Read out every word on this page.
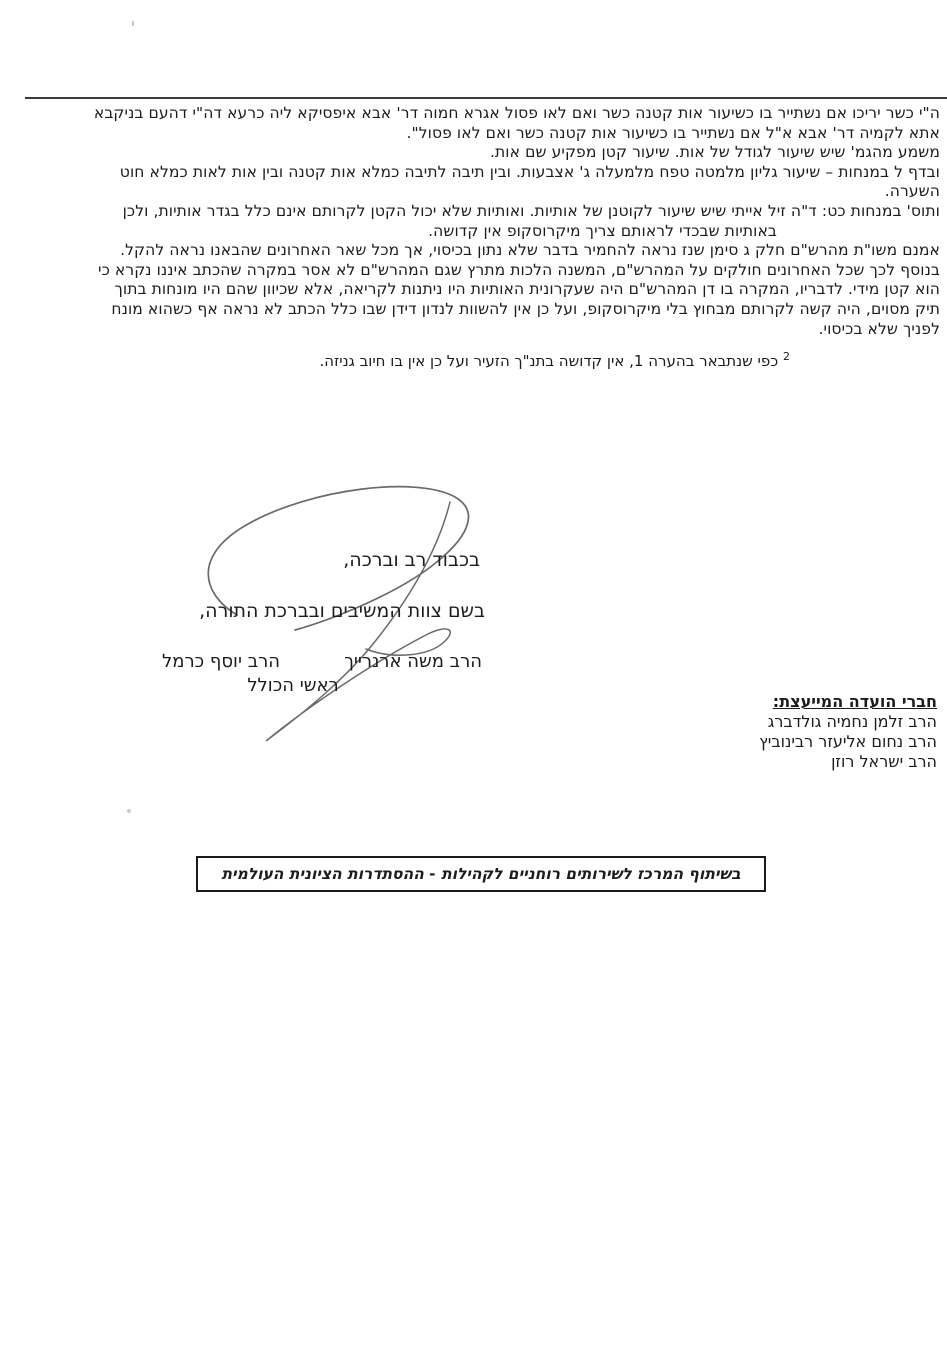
ה"י כשר יריכו אם נשתייר בו כשיעור אות קטנה כשר ואם לאו פסול אגרא חמוה דר' אבא איפסיקא ליה כרעא דה"י דהעם בניקבא
אתא לקמיה דר' אבא א"ל אם נשתייר בו כשיעור אות קטנה כשר ואם לאו פסול".
משמע מהגמ' שיש שיעור לגודל של אות. שיעור קטן מפקיע שם אות.
ובדף ל במנחות – שיעור גליון מלמטה טפח מלמעלה ג' אצבעות. ובין תיבה לתיבה כמלא אות קטנה ובין אות לאות כמלא חוט
השערה.
ותוס' במנחות כט: ד"ה זיל אייתי שיש שיעור לקוטנן של אותיות. ואותיות שלא יכול הקטן לקרותם אינם כלל בגדר אותיות, ולכן
באותיות שבכדי לראותם צריך מיקרוסקופ אין קדושה.
אמנם משו"ת מהרש"ם חלק ג סימן שנז נראה להחמיר בדבר שלא נתון בכיסוי, אך מכל שאר האחרונים שהבאנו נראה להקל.
בנוסף לכך שכל האחרונים חולקים על המהרש"ם, המשנה הלכות מתרץ שגם המהרש"ם לא אסר במקרה שהכתב איננו נקרא כי
הוא קטן מידי. לדבריו, המקרה בו דן המהרש"ם היה שעקרונית האותיות היו ניתנות לקריאה, אלא שכיוון שהם היו מונחות בתוך
תיק מסוים, היה קשה לקרותם מבחוץ בלי מיקרוסקופ, ועל כן אין להשוות לנדון דידן שבו כלל הכתב לא נראה אף כשהוא מונח
לפניך שלא בכיסוי.
$^2$ כפי שנתבאר בהערה 1, אין קדושה בתנ"ך הזעיר ועל כן אין בו חיוב גניזה.
בכבוד רב וברכה,
בשם צוות המשיבים ובברכת התורה,
הרב משה ארנרייך
הרב יוסף כרמל
ראשי הכולל
חברי הועדה המייעצת:
הרב זלמן נחמיה גולדברג
הרב נחום אליעזר רבינוביץ
הרב ישראל רוזן
בשיתוף המרכז לשירותים רוחניים לקהילות - ההסתדרות הציונית העולמית
